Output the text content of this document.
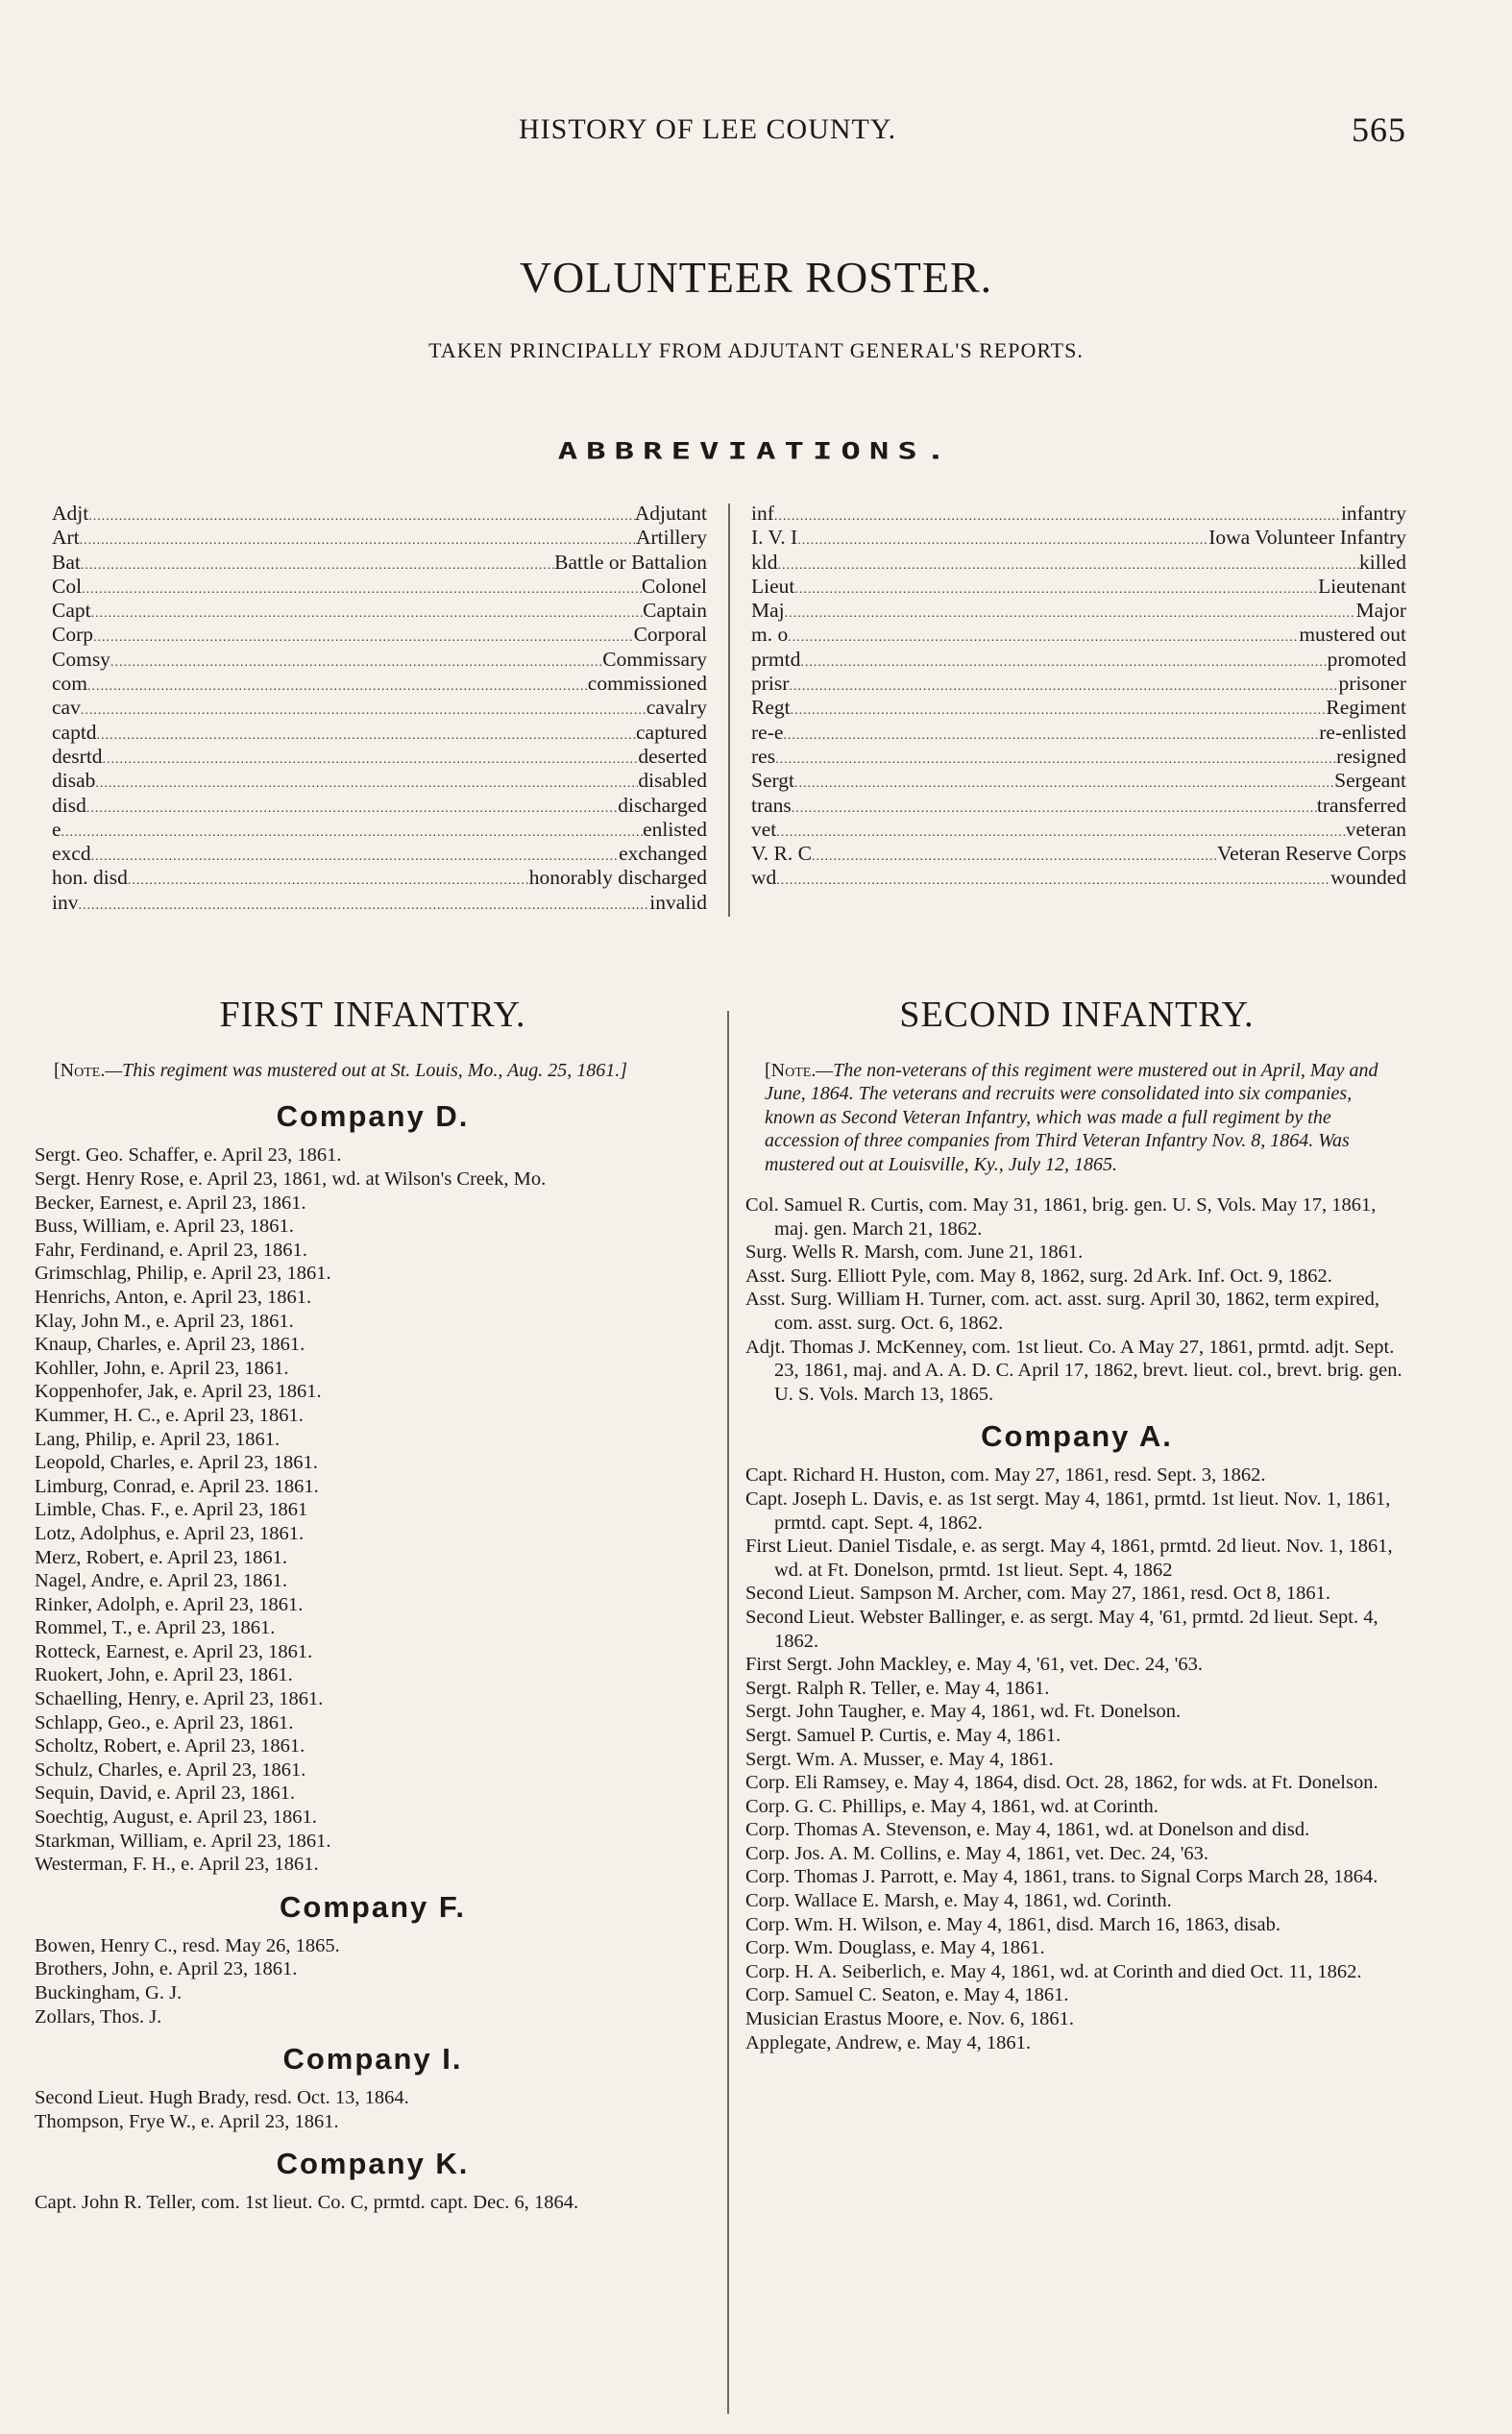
HISTORY OF LEE COUNTY.	565
VOLUNTEER ROSTER.
TAKEN PRINCIPALLY FROM ADJUTANT GENERAL'S REPORTS.
ABBREVIATIONS.
Adjt .....	Adjutant
Art .....	Artillery
Bat .....	Battle or Battalion
Col .....	Colonel
Capt .....	Captain
Corp .....	Corporal
Comsy .....	Commissary
com .....	commissioned
cav .....	cavalry
captd .....	captured
desrtd .....	deserted
disab .....	disabled
disd .....	discharged
e .....	enlisted
excd .....	exchanged
hon. disd .....	honorably discharged
inv .....	invalid
inf .....	infantry
I. V. I .....	Iowa Volunteer Infantry
kld .....	killed
Lieut .....	Lieutenant
Maj .....	Major
m. o .....	mustered out
prmtd .....	promoted
prisr .....	prisoner
Regt .....	Regiment
re-e .....	re-enlisted
res .....	resigned
Sergt .....	Sergeant
trans .....	transferred
vet .....	veteran
V. R. C .....	Veteran Reserve Corps
wd .....	wounded
FIRST INFANTRY.
[Note.—This regiment was mustered out at St. Louis, Mo., Aug. 25, 1861.]
Company D.

Sergt. Geo. Schaffer, e. April 23, 1861.

Sergt. Henry Rose, e. April 23, 1861, wd. at Wilson's Creek, Mo.

Becker, Earnest, e. April 23, 1861.

Buss, William, e. April 23, 1861.

Fahr, Ferdinand, e. April 23, 1861.

Grimschlag, Philip, e. April 23, 1861.

Henrichs, Anton, e. April 23, 1861.

Klay, John M., e. April 23, 1861.

Knaup, Charles, e. April 23, 1861.

Kohller, John, e. April 23, 1861.

Koppenhofer, Jak, e. April 23, 1861.

Kummer, H. C., e. April 23, 1861.

Lang, Philip, e. April 23, 1861.

Leopold, Charles, e. April 23, 1861.

Limburg, Conrad, e. April 23. 1861.

Limble, Chas. F., e. April 23, 1861

Lotz, Adolphus, e. April 23, 1861.

Merz, Robert, e. April 23, 1861.

Nagel, Andre, e. April 23, 1861.

Rinker, Adolph, e. April 23, 1861.

Rommel, T., e. April 23, 1861.

Rotteck, Earnest, e. April 23, 1861.

Ruokert, John, e. April 23, 1861.

Schaelling, Henry, e. April 23, 1861.

Schlapp, Geo., e. April 23, 1861.

Scholtz, Robert, e. April 23, 1861.

Schulz, Charles, e. April 23, 1861.

Sequin, David, e. April 23, 1861.

Soechtig, August, e. April 23, 1861.

Starkman, William, e. April 23, 1861.

Westerman, F. H., e. April 23, 1861.

Company F.

Bowen, Henry C., resd. May 26, 1865.

Brothers, John, e. April 23, 1861.

Buckingham, G. J.

Zollars, Thos. J.

Company I.

Second Lieut. Hugh Brady, resd. Oct. 13, 1864.

Thompson, Frye W., e. April 23, 1861.

Company K.

Capt. John R. Teller, com. 1st lieut. Co. C, prmtd. capt. Dec. 6, 1864.

SECOND INFANTRY.
[Note.—The non-veterans of this regiment were mustered out in April, May and June, 1864. The veterans and recruits were consolidated into six companies, known as Second Veteran Infantry, which was made a full regiment by the accession of three companies from Third Veteran Infantry Nov. 8, 1864. Was mustered out at Louisville, Ky., July 12, 1865.

Col. Samuel R. Curtis, com. May 31, 1861, brig. gen. U. S, Vols. May 17, 1861, maj. gen. March 21, 1862.

Surg. Wells R. Marsh, com. June 21, 1861.

Asst. Surg. Elliott Pyle, com. May 8, 1862, surg. 2d Ark. Inf. Oct. 9, 1862.

Asst. Surg. William H. Turner, com. act. asst. surg. April 30, 1862, term expired, com. asst. surg. Oct. 6, 1862.

Adjt. Thomas J. McKenney, com. 1st lieut. Co. A May 27, 1861, prmtd. adjt. Sept. 23, 1861, maj. and A. A. D. C. April 17, 1862, brevt. lieut. col., brevt. brig. gen. U. S. Vols. March 13, 1865.

Company A.

Capt. Richard H. Huston, com. May 27, 1861, resd. Sept. 3, 1862.

Capt. Joseph L. Davis, e. as 1st sergt. May 4, 1861, prmtd. 1st lieut. Nov. 1, 1861, prmtd. capt. Sept. 4, 1862.

First Lieut. Daniel Tisdale, e. as sergt. May 4, 1861, prmtd. 2d lieut. Nov. 1, 1861, wd. at Ft. Donelson, prmtd. 1st lieut. Sept. 4, 1862

Second Lieut. Sampson M. Archer, com. May 27, 1861, resd. Oct 8, 1861.

Second Lieut. Webster Ballinger, e. as sergt. May 4, '61, prmtd. 2d lieut. Sept. 4, 1862.

First Sergt. John Mackley, e. May 4, '61, vet. Dec. 24, '63.

Sergt. Ralph R. Teller, e. May 4, 1861.

Sergt. John Taugher, e. May 4, 1861, wd. Ft. Donelson.

Sergt. Samuel P. Curtis, e. May 4, 1861.

Sergt. Wm. A. Musser, e. May 4, 1861.

Corp. Eli Ramsey, e. May 4, 1864, disd. Oct. 28, 1862, for wds. at Ft. Donelson.

Corp. G. C. Phillips, e. May 4, 1861, wd. at Corinth.

Corp. Thomas A. Stevenson, e. May 4, 1861, wd. at Donelson and disd.

Corp. Jos. A. M. Collins, e. May 4, 1861, vet. Dec. 24, '63.

Corp. Thomas J. Parrott, e. May 4, 1861, trans. to Signal Corps March 28, 1864.

Corp. Wallace E. Marsh, e. May 4, 1861, wd. Corinth.

Corp. Wm. H. Wilson, e. May 4, 1861, disd. March 16, 1863, disab.

Corp. Wm. Douglass, e. May 4, 1861.

Corp. H. A. Seiberlich, e. May 4, 1861, wd. at Corinth and died Oct. 11, 1862.

Corp. Samuel C. Seaton, e. May 4, 1861.

Musician Erastus Moore, e. Nov. 6, 1861.

Applegate, Andrew, e. May 4, 1861.
